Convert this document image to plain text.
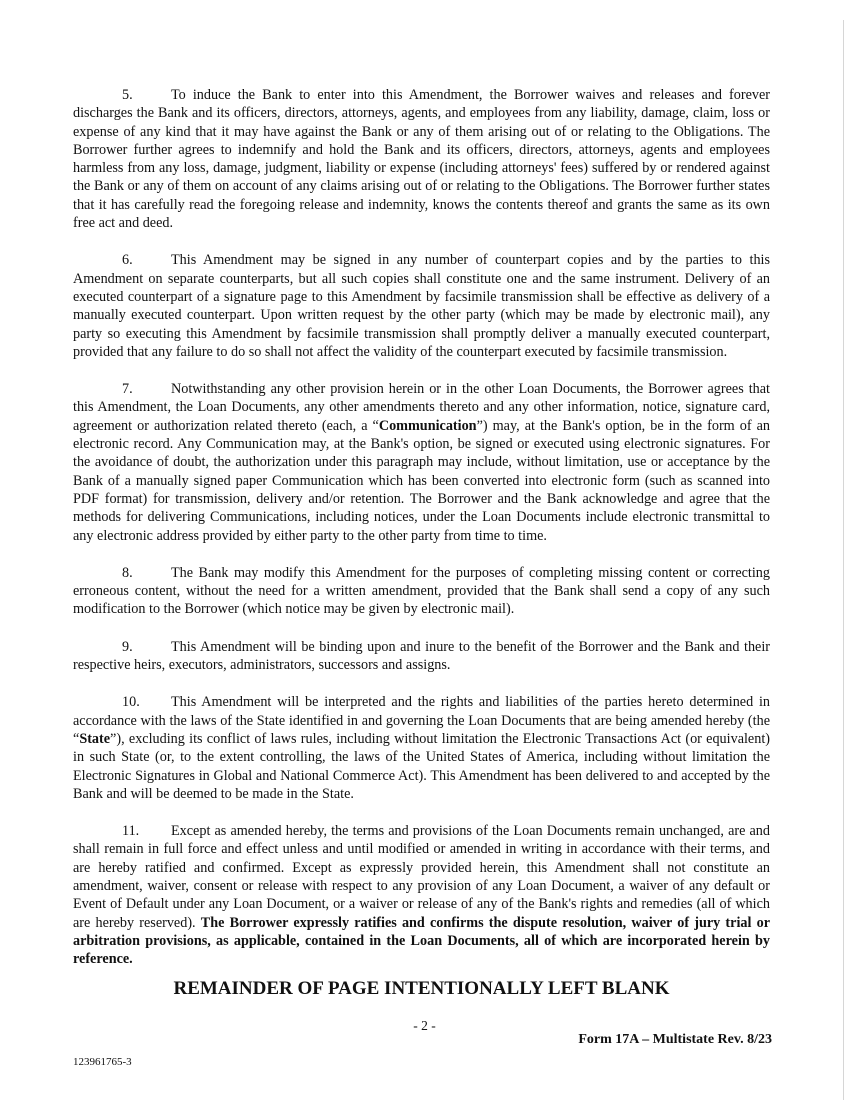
5.	To induce the Bank to enter into this Amendment, the Borrower waives and releases and forever discharges the Bank and its officers, directors, attorneys, agents, and employees from any liability, damage, claim, loss or expense of any kind that it may have against the Bank or any of them arising out of or relating to the Obligations. The Borrower further agrees to indemnify and hold the Bank and its officers, directors, attorneys, agents and employees harmless from any loss, damage, judgment, liability or expense (including attorneys' fees) suffered by or rendered against the Bank or any of them on account of any claims arising out of or relating to the Obligations. The Borrower further states that it has carefully read the foregoing release and indemnity, knows the contents thereof and grants the same as its own free act and deed.

6.	This Amendment may be signed in any number of counterpart copies and by the parties to this Amendment on separate counterparts, but all such copies shall constitute one and the same instrument. Delivery of an executed counterpart of a signature page to this Amendment by facsimile transmission shall be effective as delivery of a manually executed counterpart. Upon written request by the other party (which may be made by electronic mail), any party so executing this Amendment by facsimile transmission shall promptly deliver a manually executed counterpart, provided that any failure to do so shall not affect the validity of the counterpart executed by facsimile transmission.

7.	Notwithstanding any other provision herein or in the other Loan Documents, the Borrower agrees that this Amendment, the Loan Documents, any other amendments thereto and any other information, notice, signature card, agreement or authorization related thereto (each, a “Communication”) may, at the Bank's option, be in the form of an electronic record. Any Communication may, at the Bank's option, be signed or executed using electronic signatures. For the avoidance of doubt, the authorization under this paragraph may include, without limitation, use or acceptance by the Bank of a manually signed paper Communication which has been converted into electronic form (such as scanned into PDF format) for transmission, delivery and/or retention. The Borrower and the Bank acknowledge and agree that the methods for delivering Communications, including notices, under the Loan Documents include electronic transmittal to any electronic address provided by either party to the other party from time to time.

8.	The Bank may modify this Amendment for the purposes of completing missing content or correcting erroneous content, without the need for a written amendment, provided that the Bank shall send a copy of any such modification to the Borrower (which notice may be given by electronic mail).

9.	This Amendment will be binding upon and inure to the benefit of the Borrower and the Bank and their respective heirs, executors, administrators, successors and assigns.

10. This Amendment will be interpreted and the rights and liabilities of the parties hereto determined in accordance with the laws of the State identified in and governing the Loan Documents that are being amended hereby (the “State”), excluding its conflict of laws rules, including without limitation the Electronic Transactions Act (or equivalent) in such State (or, to the extent controlling, the laws of the United States of America, including without limitation the Electronic Signatures in Global and National Commerce Act). This Amendment has been delivered to and accepted by the Bank and will be deemed to be made in the State.

11. Except as amended hereby, the terms and provisions of the Loan Documents remain unchanged, are and shall remain in full force and effect unless and until modified or amended in writing in accordance with their terms, and are hereby ratified and confirmed. Except as expressly provided herein, this Amendment shall not constitute an amendment, waiver, consent or release with respect to any provision of any Loan Document, a waiver of any default or Event of Default under any Loan Document, or a waiver or release of any of the Bank's rights and remedies (all of which are hereby reserved). The Borrower expressly ratifies and confirms the dispute resolution, waiver of jury trial or arbitration provisions, as applicable, contained in the Loan Documents, all of which are incorporated herein by reference.

REMAINDER OF PAGE INTENTIONALLY LEFT BLANK
- 2 -
Form 17A – Multistate Rev. 8/23
123961765-3
